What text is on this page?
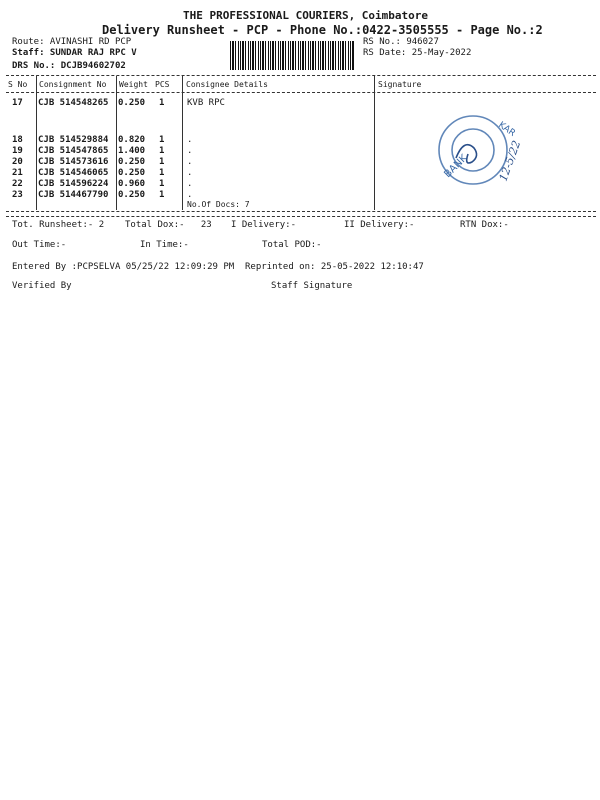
THE PROFESSIONAL COURIERS, Coimbatore
Delivery Runsheet - PCP - Phone No.:0422-3505555 - Page No.:2
Route: AVINASHI RD PCP
Staff: SUNDAR RAJ RPC V
DRS No.: DCJB94602702
RS No.: 946027
RS Date: 25-May-2022
S No Consignment No Weight PCS Consignee Details	Signature
17 CJB 514548265 0.250 1	KVB RPC
18 CJB 514529884 0.820 1	.
19 CJB 514547865 1.400 1	.
20 CJB 514573616 0.250 1	.
21 CJB 514546065 0.250 1	.
22 CJB 514596224 0.960 1	.
23 CJB 514467790 0.250 1	.
No.Of Docs: 7
BANK
KAR
12-5/22
Tot. Runsheet:- 2 Total Dox:-   23 I Delivery:-	II Delivery:-	RTN Dox:-
Out Time:-	In Time:-	Total POD:-
Entered By :PCPSELVA 05/25/22 12:09:29 PM Reprinted on: 25-05-2022 12:10:47
Verified By	Staff Signature
